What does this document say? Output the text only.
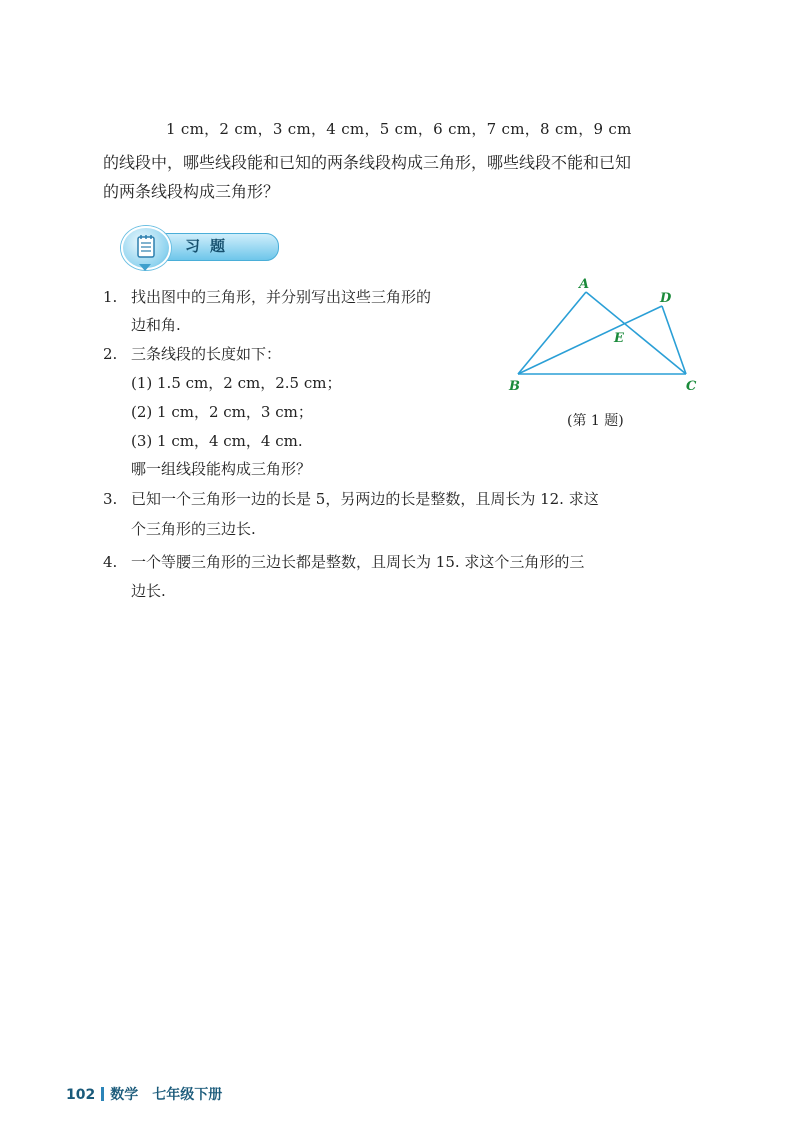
1 cm，2 cm，3 cm，4 cm，5 cm，6 cm，7 cm，8 cm，9 cm
的线段中，哪些线段能和已知的两条线段构成三角形，哪些线段不能和已知
的两条线段构成三角形？
习题
1. 找出图中的三角形，并分别写出这些三角形的
边和角.
2. 三条线段的长度如下：
(1) 1.5 cm，2 cm，2.5 cm；
(2) 1 cm，2 cm，3 cm；
(3) 1 cm，4 cm，4 cm.
哪一组线段能构成三角形？
3. 已知一个三角形一边的长是 5，另两边的长是整数，且周长为 12. 求这
个三角形的三边长.
4. 一个等腰三角形的三边长都是整数，且周长为 15. 求这个三角形的三
边长.
A
B	C
D
E
(第 1 题)
102 数学 七年级下册
